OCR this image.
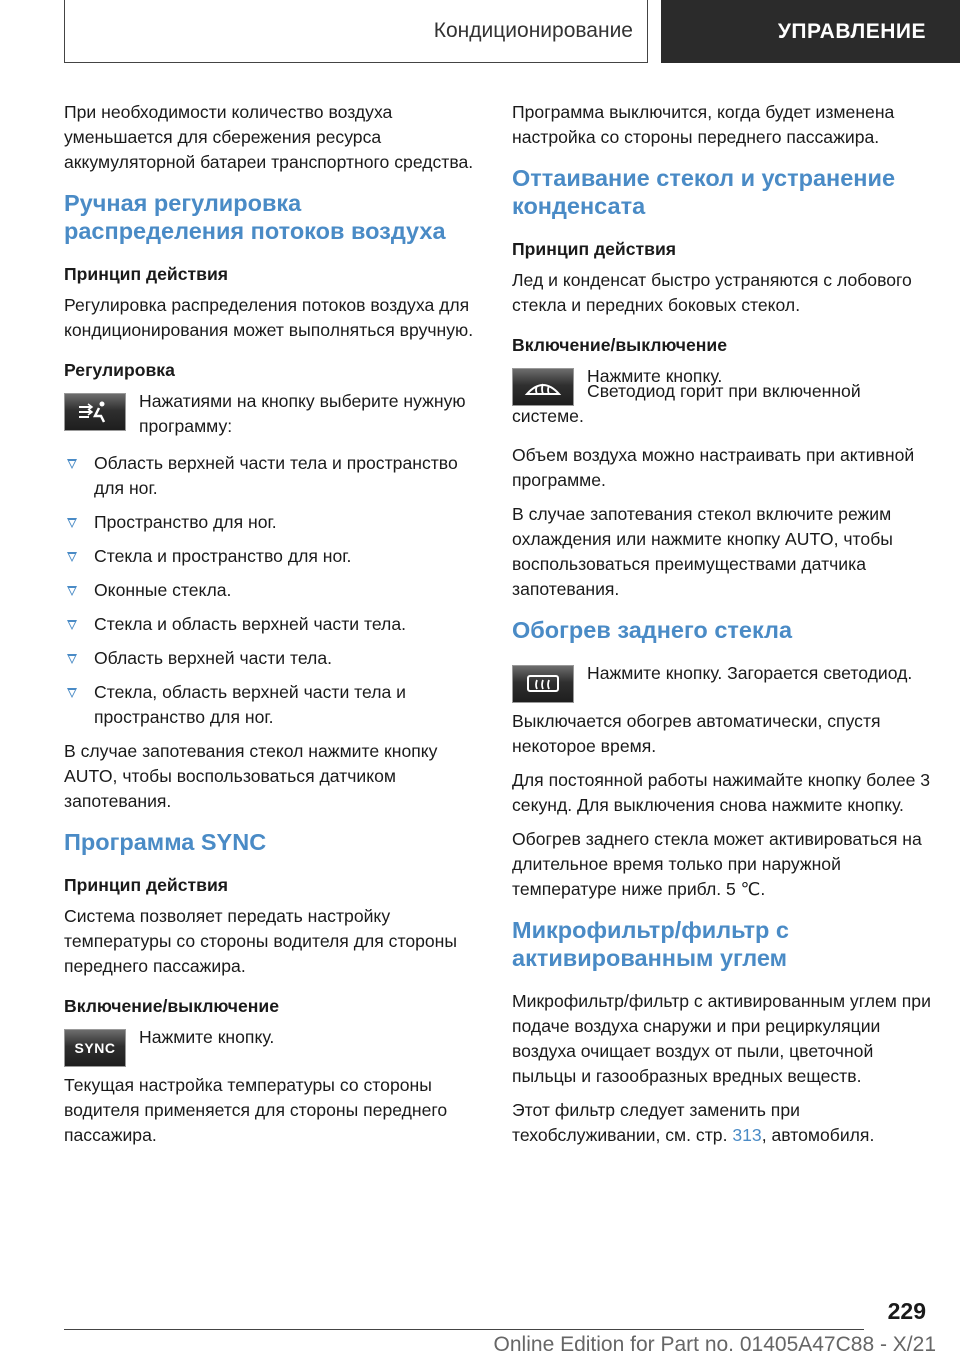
Кондиционирование	УПРАВЛЕНИЕ

При необходимости количество воздуха уменьшается для сбережения ресурса аккумуляторной батареи транспортного средства.

Ручная регулировка распределения потоков воздуха
Принцип действия

Регулировка распределения потоков воздуха для кондиционирования может выполняться вручную.

Регулировка

Нажатиями на кнопку выберите нужную программу:

Область верхней части тела и пространство для ног.
Пространство для ног.
Стекла и пространство для ног.
Оконные стекла.
Стекла и область верхней части тела.
Область верхней части тела.
Стекла, область верхней части тела и пространство для ног.

В случае запотевания стекол нажмите кнопку AUTO, чтобы воспользоваться датчиком запотевания.

Программа SYNC
Принцип действия

Система позволяет передать настройку температуры со стороны водителя для стороны переднего пассажира.

Включение/выключение
SYNC

Нажмите кнопку.

Текущая настройка температуры со стороны водителя применяется для стороны переднего пассажира.

Программа выключится, когда будет изменена настройка со стороны переднего пассажира.

Оттаивание стекол и устранение конденсата
Принцип действия

Лед и конденсат быстро устраняются с лобового стекла и передних боковых стекол.

Включение/выключение

Нажмите кнопку.

Светодиод горит при включенной системе.

Объем воздуха можно настраивать при активной программе.

В случае запотевания стекол включите режим охлаждения или нажмите кнопку AUTO, чтобы воспользоваться преимуществами датчика запотевания.

Обогрев заднего стекла

Нажмите кнопку. Загорается светодиод.

Выключается обогрев автоматически, спустя некоторое время.

Для постоянной работы нажимайте кнопку более 3 секунд. Для выключения снова нажмите кнопку.

Обогрев заднего стекла может активироваться на длительное время только при наружной температуре ниже прибл. 5 ℃.

Микрофильтр/фильтр с активированным углем

Микрофильтр/фильтр с активированным углем при подаче воздуха снаружи и при рециркуляции воздуха очищает воздух от пыли, цветочной пыльцы и газообразных вредных веществ.

Этот фильтр следует заменить при техобслуживании, см. стр. 313, автомобиля.

229
Online Edition for Part no. 01405A47C88 - X/21
